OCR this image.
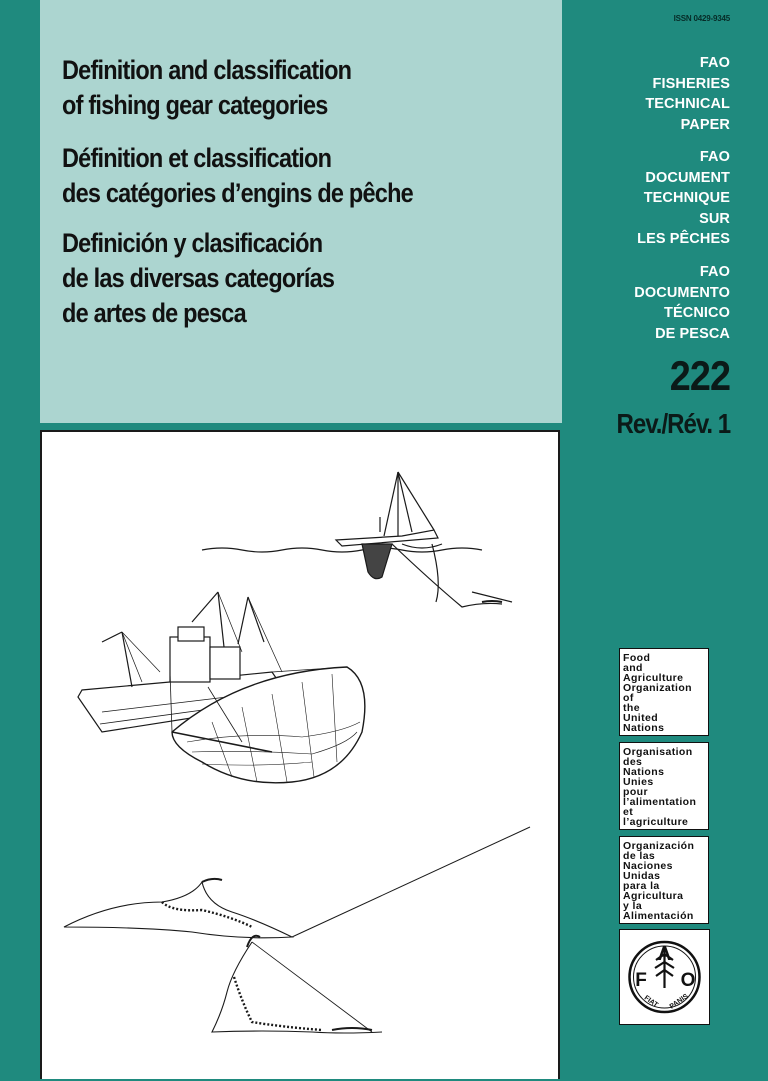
Definition and classification
of fishing gear categories
Définition et classification
des catégories d’engins de pêche
Definición y clasificación
de las diversas categorías
de artes de pesca
ISSN 0429-9345
FAO
FISHERIES
TECHNICAL
PAPER
FAO
DOCUMENT
TECHNIQUE
SUR
LES PÊCHES
FAO
DOCUMENTO
TÉCNICO
DE PESCA
222
Rev./Rév. 1
Food
and
Agriculture
Organization
of
the
United
Nations
Organisation
des
Nations
Unies
pour
l’alimentation
et
l’agriculture
Organización
de las
Naciones
Unidas
para la
Agricultura
y la
Alimentación
F
A
O
FIAT PANIS
